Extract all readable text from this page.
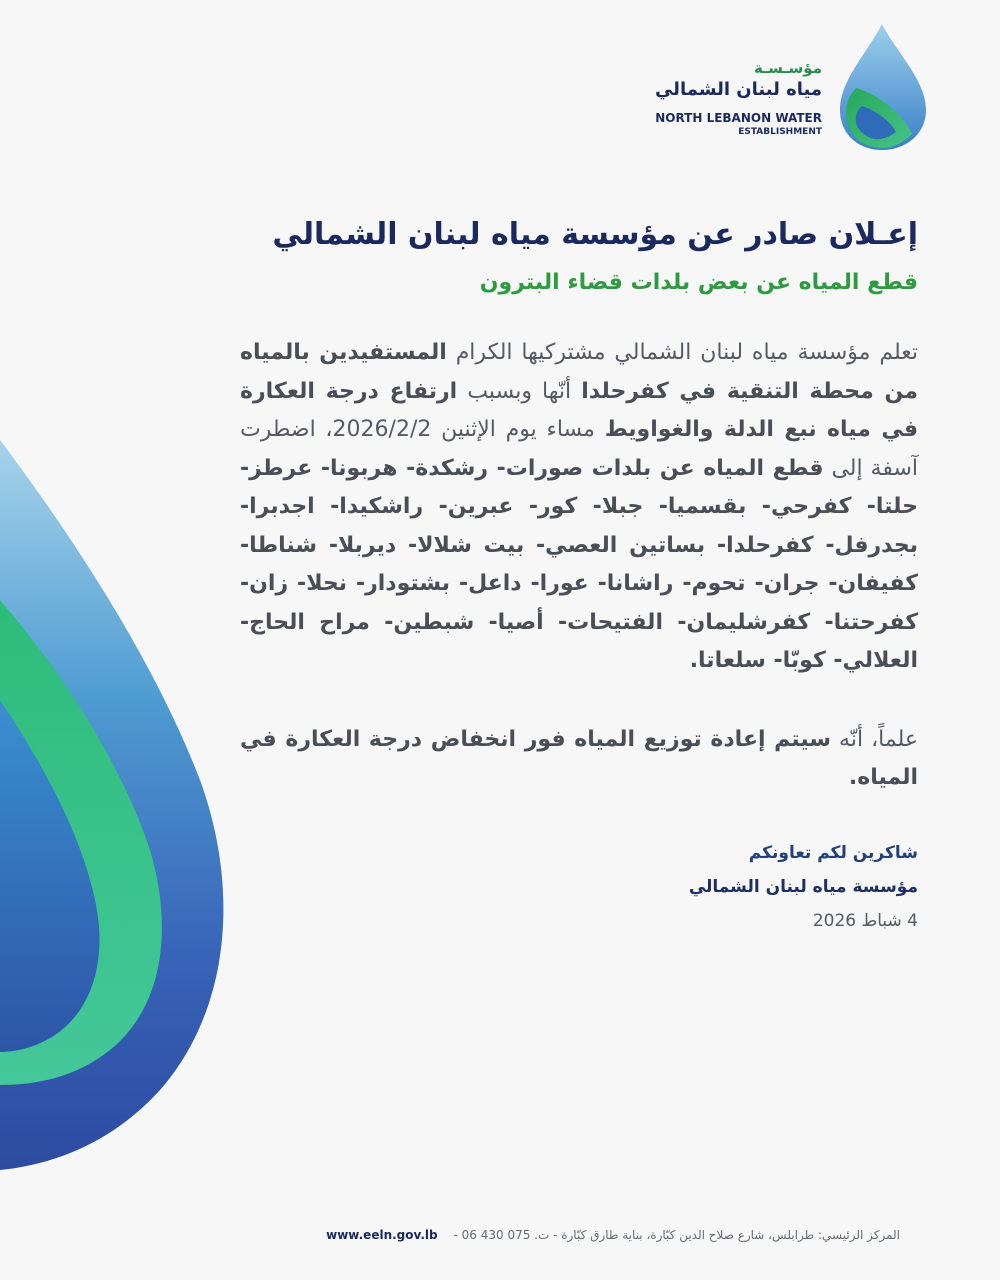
مؤسـسـة
مياه لبنان الشمالي
NORTH LEBANON WATER
ESTABLISHMENT
إعـلان صادر عن مؤسسة مياه لبنان الشمالي
قطع المياه عن بعض بلدات قضاء البترون

تعلم مؤسسة مياه لبنان الشمالي مشتركيها الكرام المستفيدين بالمياه من محطة التنقية في كفرحلدا أنّها وبسبب ارتفاع درجة العكارة في مياه نبع الدلة والغواويط مساء يوم الإثنين 2026/2/2، اضطرت آسفة إلى قطع المياه عن بلدات صورات- رشكدة- هربونا- عرطز- حلتا- كفرحي- بقسميا- جبلا- كور- عبرين- راشكيدا- اجدبرا- بجدرفل- كفرحلدا- بساتين العصي- بيت شلالا- ديربلا- شناطا- كفيفان- جران- تحوم- راشانا- عورا- داعل- بشتودار- نحلا- زان- كفرحتنا- كفرشليمان- الفتيحات- أصيا- شبطين- مراح الحاج- العلالي- كوبّا- سلعاتا.

علماً، أنّه سيتم إعادة توزيع المياه فور انخفاض درجة العكارة في المياه.

شاكرين لكم تعاونكم
مؤسسة مياه لبنان الشمالي
4 شباط 2026
المركز الرئيسي: طرابلس، شارع صلاح الدين كبّارة، بناية طارق كبّارة - ت. 075 430 06 - www.eeln.gov.lb
